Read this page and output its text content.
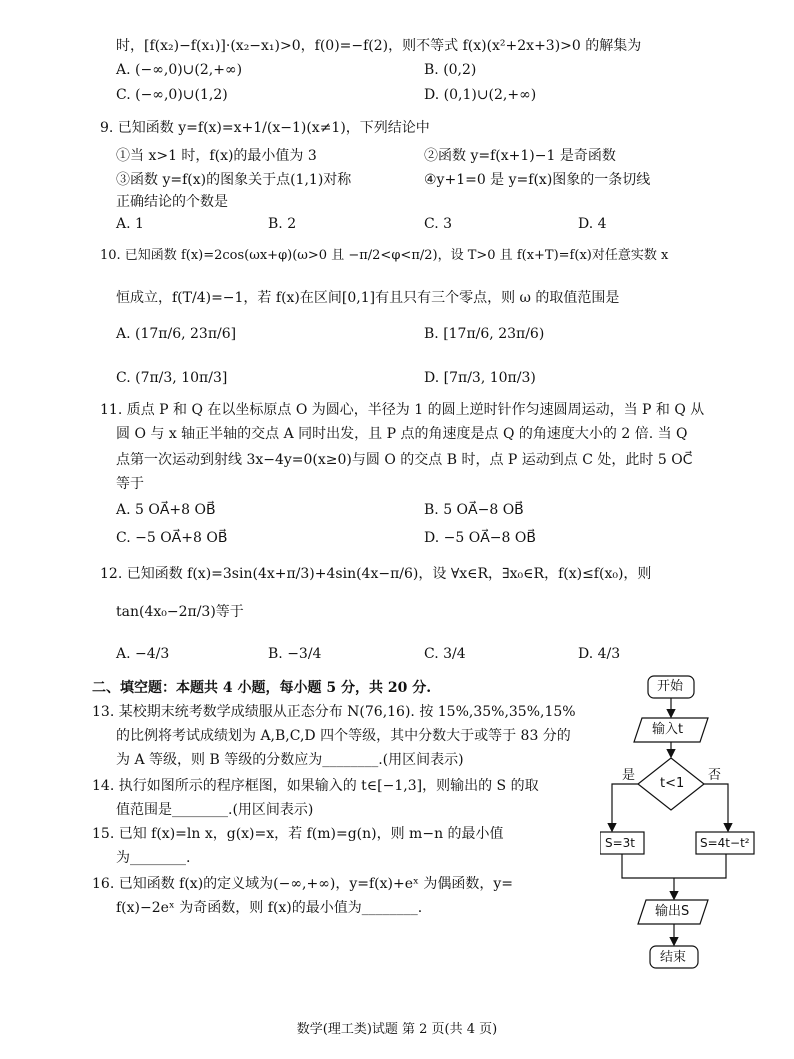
时，[f(x₂)−f(x₁)]·(x₂−x₁)>0，f(0)=−f(2)，则不等式 f(x)(x²+2x+3)>0 的解集为
A. (−∞,0)∪(2,+∞)	B. (0,2)
C. (−∞,0)∪(1,2)	D. (0,1)∪(2,+∞)
9. 已知函数 y=f(x)=x+1/(x−1)(x≠1)，下列结论中
①当 x>1 时，f(x)的最小值为 3	②函数 y=f(x+1)−1 是奇函数
③函数 y=f(x)的图象关于点(1,1)对称	④y+1=0 是 y=f(x)图象的一条切线
正确结论的个数是
A. 1	B. 2	C. 3	D. 4
10. 已知函数 f(x)=2cos(ωx+φ)(ω>0 且 −π/2<φ<π/2)，设 T>0 且 f(x+T)=f(x)对任意实数 x
恒成立，f(T/4)=−1，若 f(x)在区间[0,1]有且只有三个零点，则 ω 的取值范围是
A. (17π/6, 23π/6]	B. [17π/6, 23π/6)
C. (7π/3, 10π/3]	D. [7π/3, 10π/3)
11. 质点 P 和 Q 在以坐标原点 O 为圆心，半径为 1 的圆上逆时针作匀速圆周运动，当 P 和 Q 从
圆 O 与 x 轴正半轴的交点 A 同时出发，且 P 点的角速度是点 Q 的角速度大小的 2 倍. 当 Q
点第一次运动到射线 3x−4y=0(x≥0)与圆 O 的交点 B 时，点 P 运动到点 C 处，此时 5 OC⃗
等于
A. 5 OA⃗+8 OB⃗	B. 5 OA⃗−8 OB⃗
C. −5 OA⃗+8 OB⃗	D. −5 OA⃗−8 OB⃗
12. 已知函数 f(x)=3sin(4x+π/3)+4sin(4x−π/6)，设 ∀x∈R，∃x₀∈R，f(x)≤f(x₀)，则
tan(4x₀−2π/3)等于
A. −4/3	B. −3/4	C. 3/4	D. 4/3
二、填空题：本题共 4 小题，每小题 5 分，共 20 分.
13. 某校期末统考数学成绩服从正态分布 N(76,16). 按 15%,35%,35%,15%
的比例将考试成绩划为 A,B,C,D 四个等级，其中分数大于或等于 83 分的
为 A 等级，则 B 等级的分数应为________.(用区间表示)
14. 执行如图所示的程序框图，如果输入的 t∈[−1,3]，则输出的 S 的取
值范围是________.(用区间表示)
15. 已知 f(x)=ln x，g(x)=x，若 f(m)=g(n)，则 m−n 的最小值
为________.
16. 已知函数 f(x)的定义域为(−∞,+∞)，y=f(x)+eˣ 为偶函数，y=
f(x)−2eˣ 为奇函数，则 f(x)的最小值为________.
开始
输入t
t<1
是	否
S=3t	S=4t−t²
输出S
结束
数学(理工类)试题 第 2 页(共 4 页)
